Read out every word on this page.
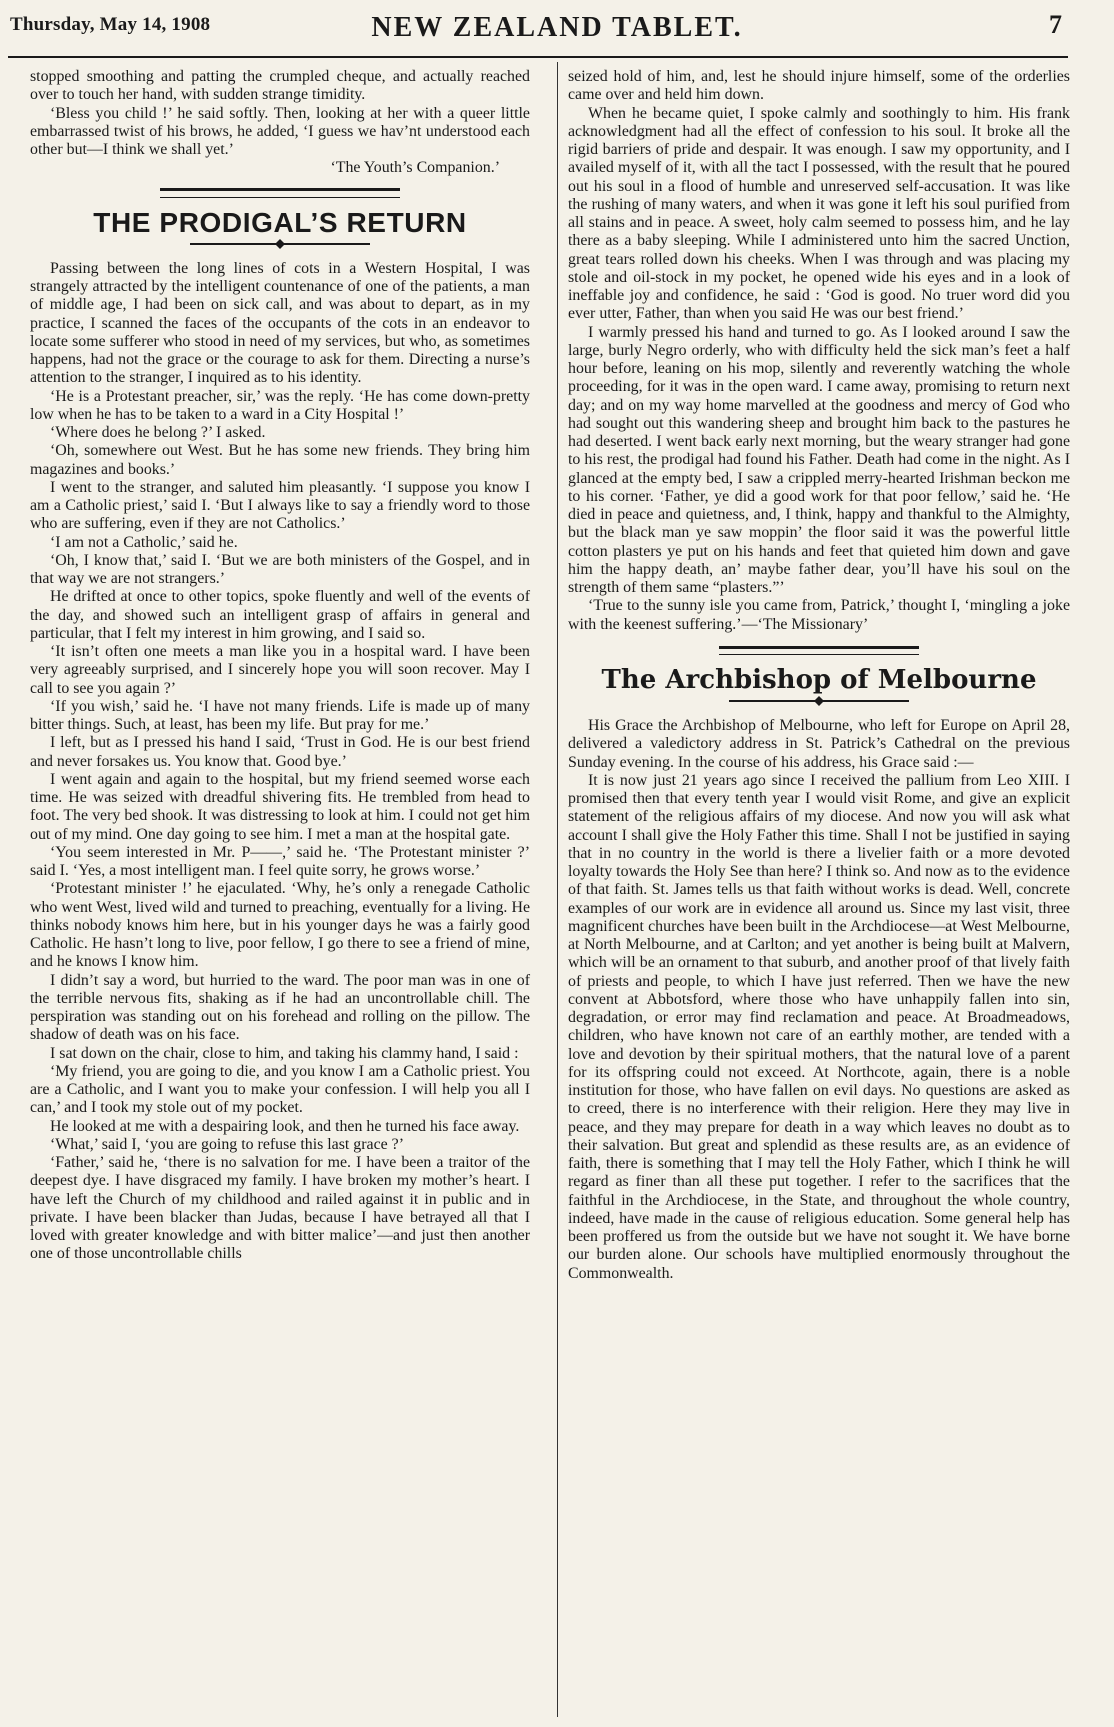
Thursday, May 14, 1908	NEW ZEALAND TABLET.	7

stopped smoothing and patting the crumpled cheque, and actually reached over to touch her hand, with sudden strange timidity.

‘Bless you child !’ he said softly. Then, looking at her with a queer little embarrassed twist of his brows, he added, ‘I guess we hav’nt understood each other but—I think we shall yet.’

‘The Youth’s Companion.’
THE PRODIGAL’S RETURN

Passing between the long lines of cots in a Western Hospital, I was strangely attracted by the intelligent countenance of one of the patients, a man of middle age, I had been on sick call, and was about to depart, as in my practice, I scanned the faces of the occupants of the cots in an endeavor to locate some sufferer who stood in need of my services, but who, as sometimes happens, had not the grace or the courage to ask for them. Directing a nurse’s attention to the stranger, I inquired as to his identity.

‘He is a Protestant preacher, sir,’ was the reply. ‘He has come down-pretty low when he has to be taken to a ward in a City Hospital !’

‘Where does he belong ?’ I asked.

‘Oh, somewhere out West. But he has some new friends. They bring him magazines and books.’

I went to the stranger, and saluted him pleasantly. ‘I suppose you know I am a Catholic priest,’ said I. ‘But I always like to say a friendly word to those who are suffering, even if they are not Catholics.’

‘I am not a Catholic,’ said he.

‘Oh, I know that,’ said I. ‘But we are both ministers of the Gospel, and in that way we are not strangers.’

He drifted at once to other topics, spoke fluently and well of the events of the day, and showed such an intelligent grasp of affairs in general and particular, that I felt my interest in him growing, and I said so.

‘It isn’t often one meets a man like you in a hospital ward. I have been very agreeably surprised, and I sincerely hope you will soon recover. May I call to see you again ?’

‘If you wish,’ said he. ‘I have not many friends. Life is made up of many bitter things. Such, at least, has been my life. But pray for me.’

I left, but as I pressed his hand I said, ‘Trust in God. He is our best friend and never forsakes us. You know that. Good bye.’

I went again and again to the hospital, but my friend seemed worse each time. He was seized with dreadful shivering fits. He trembled from head to foot. The very bed shook. It was distressing to look at him. I could not get him out of my mind. One day going to see him. I met a man at the hospital gate.

‘You seem interested in Mr. P——,’ said he. ‘The Protestant minister ?’ said I. ‘Yes, a most intelligent man. I feel quite sorry, he grows worse.’

‘Protestant minister !’ he ejaculated. ‘Why, he’s only a renegade Catholic who went West, lived wild and turned to preaching, eventually for a living. He thinks nobody knows him here, but in his younger days he was a fairly good Catholic. He hasn’t long to live, poor fellow, I go there to see a friend of mine, and he knows I know him.

I didn’t say a word, but hurried to the ward. The poor man was in one of the terrible nervous fits, shaking as if he had an uncontrollable chill. The perspiration was standing out on his forehead and rolling on the pillow. The shadow of death was on his face.

I sat down on the chair, close to him, and taking his clammy hand, I said :

‘My friend, you are going to die, and you know I am a Catholic priest. You are a Catholic, and I want you to make your confession. I will help you all I can,’ and I took my stole out of my pocket.

He looked at me with a despairing look, and then he turned his face away.

‘What,’ said I, ‘you are going to refuse this last grace ?’

‘Father,’ said he, ‘there is no salvation for me. I have been a traitor of the deepest dye. I have disgraced my family. I have broken my mother’s heart. I have left the Church of my childhood and railed against it in public and in private. I have been blacker than Judas, because I have betrayed all that I loved with greater knowledge and with bitter malice’—and just then another one of those uncontrollable chills

seized hold of him, and, lest he should injure himself, some of the orderlies came over and held him down.

When he became quiet, I spoke calmly and soothingly to him. His frank acknowledgment had all the effect of confession to his soul. It broke all the rigid barriers of pride and despair. It was enough. I saw my opportunity, and I availed myself of it, with all the tact I possessed, with the result that he poured out his soul in a flood of humble and unreserved self-accusation. It was like the rushing of many waters, and when it was gone it left his soul purified from all stains and in peace. A sweet, holy calm seemed to possess him, and he lay there as a baby sleeping. While I administered unto him the sacred Unction, great tears rolled down his cheeks. When I was through and was placing my stole and oil-stock in my pocket, he opened wide his eyes and in a look of ineffable joy and confidence, he said : ‘God is good. No truer word did you ever utter, Father, than when you said He was our best friend.’

I warmly pressed his hand and turned to go. As I looked around I saw the large, burly Negro orderly, who with difficulty held the sick man’s feet a half hour before, leaning on his mop, silently and reverently watching the whole proceeding, for it was in the open ward. I came away, promising to return next day; and on my way home marvelled at the goodness and mercy of God who had sought out this wandering sheep and brought him back to the pastures he had deserted. I went back early next morning, but the weary stranger had gone to his rest, the prodigal had found his Father. Death had come in the night. As I glanced at the empty bed, I saw a crippled merry-hearted Irishman beckon me to his corner. ‘Father, ye did a good work for that poor fellow,’ said he. ‘He died in peace and quietness, and, I think, happy and thankful to the Almighty, but the black man ye saw moppin’ the floor said it was the powerful little cotton plasters ye put on his hands and feet that quieted him down and gave him the happy death, an’ maybe father dear, you’ll have his soul on the strength of them same “plasters.”’

‘True to the sunny isle you came from, Patrick,’ thought I, ‘mingling a joke with the keenest suffering.’—‘The Missionary’

The Archbishop of Melbourne

His Grace the Archbishop of Melbourne, who left for Europe on April 28, delivered a valedictory address in St. Patrick’s Cathedral on the previous Sunday evening. In the course of his address, his Grace said :—

It is now just 21 years ago since I received the pallium from Leo XIII. I promised then that every tenth year I would visit Rome, and give an explicit statement of the religious affairs of my diocese. And now you will ask what account I shall give the Holy Father this time. Shall I not be justified in saying that in no country in the world is there a livelier faith or a more devoted loyalty towards the Holy See than here? I think so. And now as to the evidence of that faith. St. James tells us that faith without works is dead. Well, concrete examples of our work are in evidence all around us. Since my last visit, three magnificent churches have been built in the Archdiocese—at West Melbourne, at North Melbourne, and at Carlton; and yet another is being built at Malvern, which will be an ornament to that suburb, and another proof of that lively faith of priests and people, to which I have just referred. Then we have the new convent at Abbotsford, where those who have unhappily fallen into sin, degradation, or error may find reclamation and peace. At Broadmeadows, children, who have known not care of an earthly mother, are tended with a love and devotion by their spiritual mothers, that the natural love of a parent for its offspring could not exceed. At Northcote, again, there is a noble institution for those, who have fallen on evil days. No questions are asked as to creed, there is no interference with their religion. Here they may live in peace, and they may prepare for death in a way which leaves no doubt as to their salvation. But great and splendid as these results are, as an evidence of faith, there is something that I may tell the Holy Father, which I think he will regard as finer than all these put together. I refer to the sacrifices that the faithful in the Archdiocese, in the State, and throughout the whole country, indeed, have made in the cause of religious education. Some general help has been proffered us from the outside but we have not sought it. We have borne our burden alone. Our schools have multiplied enormously throughout the Commonwealth.
